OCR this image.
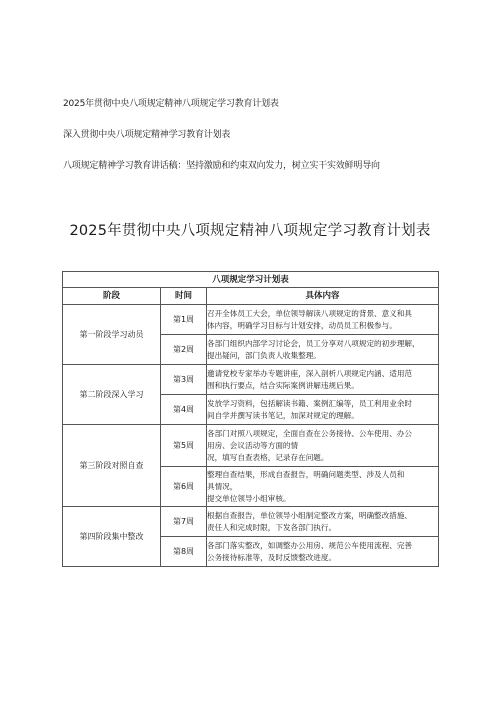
2025年贯彻中央八项规定精神八项规定学习教育计划表
深入贯彻中央八项规定精神学习教育计划表
八项规定精神学习教育讲话稿：坚持激励和约束双向发力，树立实干实效鲜明导向
2025年贯彻中央八项规定精神八项规定学习教育计划表
八项规定学习计划表		
阶段	时间	具体内容
第一阶段学习动员	第1周	召开全体员工大会，单位领导解读八项规定的背景、意义和具
体内容，明确学习目标与计划安排，动员员工积极参与。

	第2周	各部门组织内部学习讨论会，员工分享对八项规定的初步理解，
提出疑问，部门负责人收集整理。

第二阶段深入学习	第3周	邀请党校专家举办专题讲座，深入剖析八项规定内涵、适用范
围和执行要点，结合实际案例讲解违规后果。

	第4周	发放学习资料，包括解读书籍、案例汇编等，员工利用业余时
间自学并撰写读书笔记，加深对规定的理解。

第三阶段对照自查	第5周	各部门对照八项规定，全面自查在公务接待、公车使用、办公
用房、会议活动等方面的情
况，填写自查表格，记录存在问题。

	第6周	整理自查结果，形成自查报告，明确问题类型、涉及人员和
具情况，
提交单位领导小组审核。

第四阶段集中整改	第7周	根据自查报告，单位领导小组制定整改方案，明确整改措施、
责任人和完成时限，下发各部门执行。

	第8周	各部门落实整改，如调整办公用房、规范公车使用流程、完善
公务接待标准等，及时反馈整改进度。
